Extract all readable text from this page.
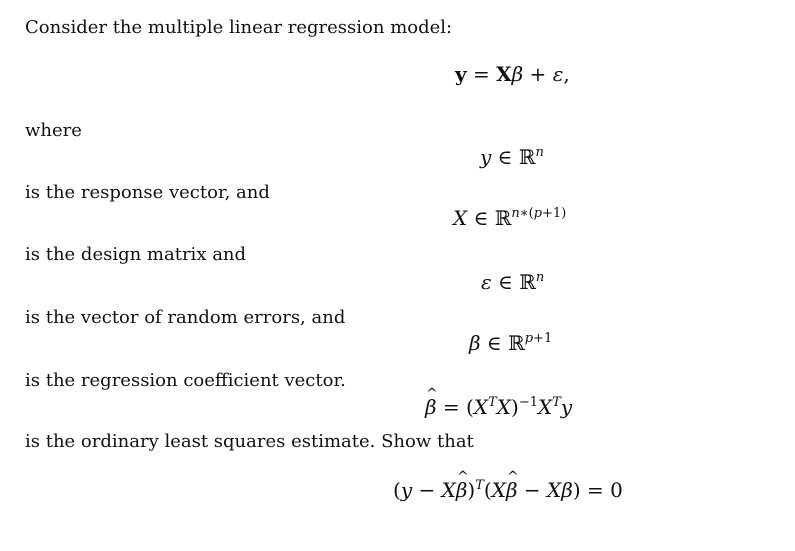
Consider the multiple linear regression model:
y = Xβ + ε,
where
y ∈ ℝ$^n$
is the response vector, and
X ∈ ℝ$^{n∗(p+1)}$
is the design matrix and
ε ∈ ℝ$^n$
is the vector of random errors, and
β ∈ ℝ$^{p+1}$
is the regression coefficient vector.
β ^ = $(X^TX)^{-1}X^Ty$
is the ordinary least squares estimate. Show that
(y − Xβ ^)$^T$(Xβ ^ − Xβ) = 0
